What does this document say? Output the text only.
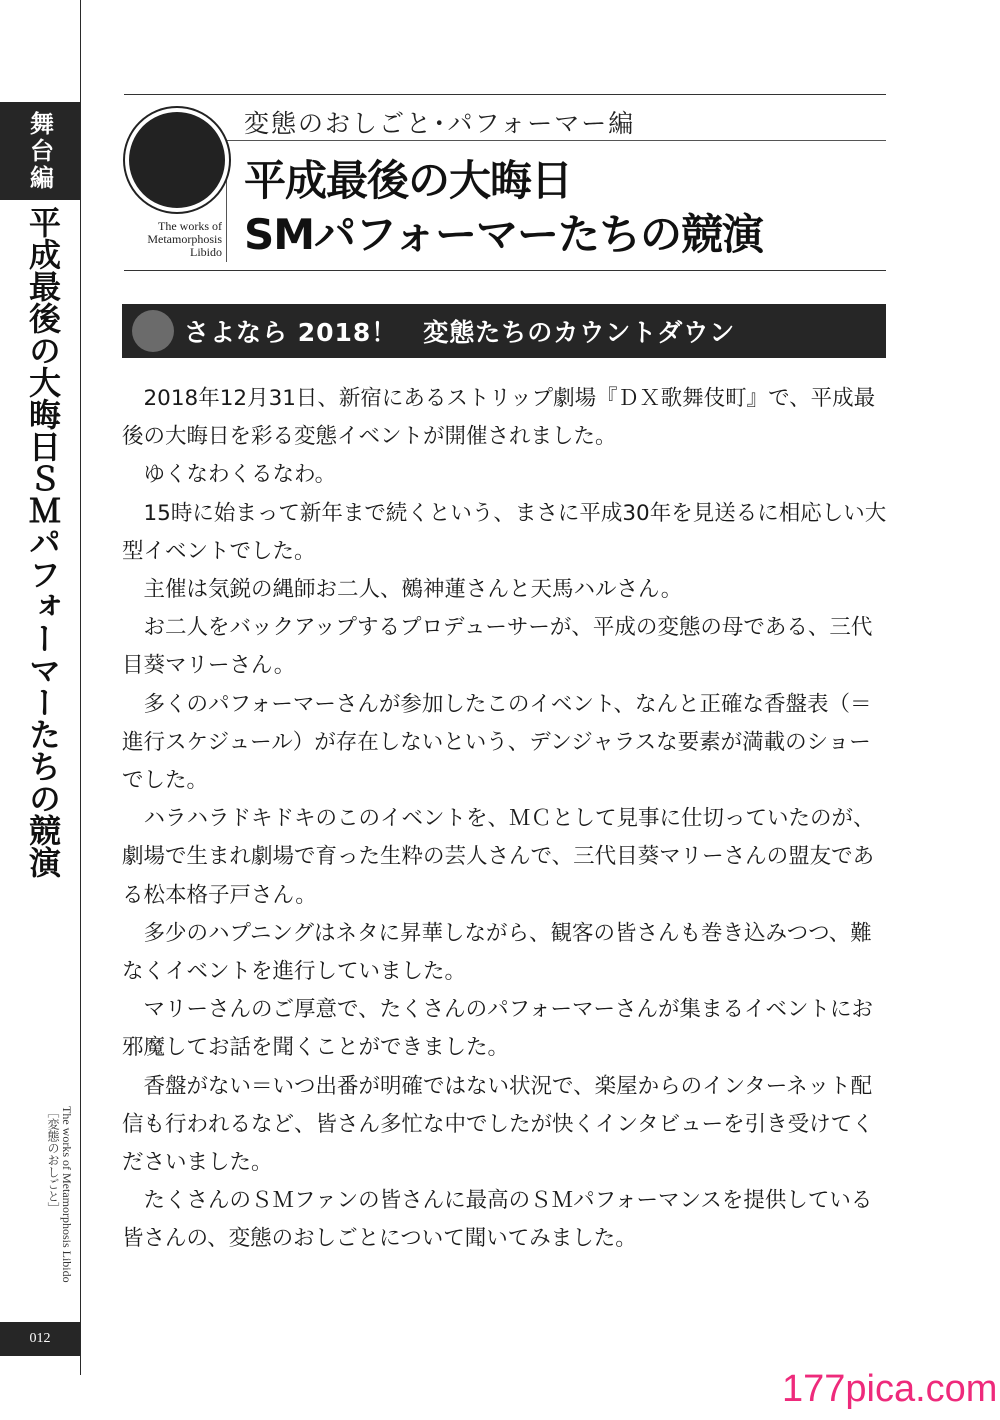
舞台編
平成最後の大晦日ＳＭパフォーマーたちの競演
The works of Metamorphosis Libido
［変態のおしごと］
012
The works of
Metamorphosis
Libido
変態のおしごと･パフォーマー編
平成最後の大晦日
SMパフォーマーたちの競演
さよなら 2018！　変態たちのカウントダウン

2018年12月31日、新宿にあるストリップ劇場『ＤＸ歌舞伎町』で、平成最後の大晦日を彩る変態イベントが開催されました。

ゆくなわくるなわ。

15時に始まって新年まで続くという、まさに平成30年を見送るに相応しい大型イベントでした。

主催は気鋭の縄師お二人、鵺神蓮さんと天馬ハルさん。

お二人をバックアップするプロデューサーが、平成の変態の母である、三代目葵マリーさん。

多くのパフォーマーさんが参加したこのイベント、なんと正確な香盤表（＝進行スケジュール）が存在しないという、デンジャラスな要素が満載のショーでした。

ハラハラドキドキのこのイベントを、ＭＣとして見事に仕切っていたのが、劇場で生まれ劇場で育った生粋の芸人さんで、三代目葵マリーさんの盟友である松本格子戸さん。

多少のハプニングはネタに昇華しながら、観客の皆さんも巻き込みつつ、難なくイベントを進行していました。

マリーさんのご厚意で、たくさんのパフォーマーさんが集まるイベントにお邪魔してお話を聞くことができました。

香盤がない＝いつ出番が明確ではない状況で、楽屋からのインターネット配信も行われるなど、皆さん多忙な中でしたが快くインタビューを引き受けてくださいました。

たくさんのＳＭファンの皆さんに最高のＳＭパフォーマンスを提供している皆さんの、変態のおしごとについて聞いてみました。

177pica.com
